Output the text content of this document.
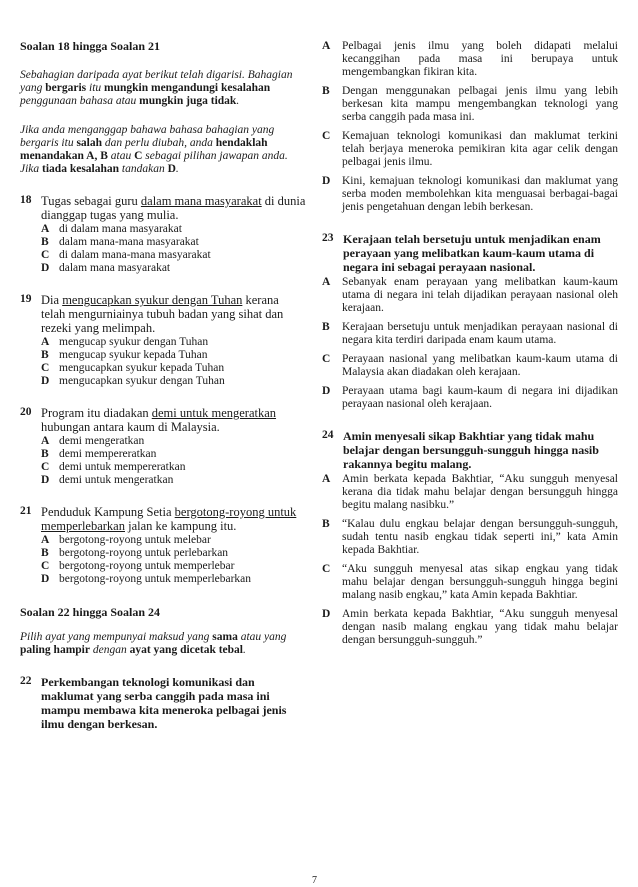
Soalan 18 hingga Soalan 21

Sebahagian daripada ayat berikut telah digarisi. Bahagian yang bergaris itu mungkin mengandungi kesalahan penggunaan bahasa atau mungkin juga tidak.

Jika anda menganggap bahawa bahasa bahagian yang bergaris itu salah dan perlu diubah, anda hendaklah menandakan A, B atau C sebagai pilihan jawapan anda. Jika tiada kesalahan tandakan D.

18 Tugas sebagai guru dalam mana masyarakat di dunia dianggap tugas yang mulia.

A di dalam mana masyarakat
B dalam mana-mana masyarakat
C di dalam mana-mana masyarakat
D dalam mana masyarakat
19 Dia mengucapkan syukur dengan Tuhan kerana telah mengurniainya tubuh badan yang sihat dan rezeki yang melimpah.

A mengucap syukur dengan Tuhan
B mengucap syukur kepada Tuhan
C mengucapkan syukur kepada Tuhan
D mengucapkan syukur dengan Tuhan
20 Program itu diadakan demi untuk mengeratkan hubungan antara kaum di Malaysia.

A demi mengeratkan
B demi mempereratkan
C demi untuk mempereratkan
D demi untuk mengeratkan
21 Penduduk Kampung Setia bergotong-royong untuk memperlebarkan jalan ke kampung itu.

A bergotong-royong untuk melebar
B bergotong-royong untuk perlebarkan
C bergotong-royong untuk memperlebar
D bergotong-royong untuk memperlebarkan

Soalan 22 hingga Soalan 24

Pilih ayat yang mempunyai maksud yang sama atau yang paling hampir dengan ayat yang dicetak tebal.

22 Perkembangan teknologi komunikasi dan maklumat yang serba canggih pada masa ini mampu membawa kita meneroka pelbagai jenis ilmu dengan berkesan.

A	Pelbagai jenis ilmu yang boleh didapati melalui kecanggihan pada masa ini berupaya untuk mengembangkan fikiran kita.
B	Dengan menggunakan pelbagai jenis ilmu yang lebih berkesan kita mampu mengembangkan teknologi yang serba canggih pada masa ini.
C	Kemajuan teknologi komunikasi dan maklumat terkini telah berjaya meneroka pemikiran kita agar celik dengan pelbagai jenis ilmu.
D	Kini, kemajuan teknologi komunikasi dan maklumat yang serba moden membolehkan kita menguasai berbagai-bagai jenis pengetahuan dengan lebih berkesan.
23 Kerajaan telah bersetuju untuk menjadikan enam perayaan yang melibatkan kaum-kaum utama di negara ini sebagai perayaan nasional.

A	Sebanyak enam perayaan yang melibatkan kaum-kaum utama di negara ini telah dijadikan perayaan nasional oleh kerajaan.
B	Kerajaan bersetuju untuk menjadikan perayaan nasional di negara kita terdiri daripada enam kaum utama.
C	Perayaan nasional yang melibatkan kaum-kaum utama di Malaysia akan diadakan oleh kerajaan.
D	Perayaan utama bagi kaum-kaum di negara ini dijadikan perayaan nasional oleh kerajaan.
24 Amin menyesali sikap Bakhtiar yang tidak mahu belajar dengan bersungguh-sungguh hingga nasib rakannya begitu malang.

A	Amin berkata kepada Bakhtiar, “Aku sungguh menyesal kerana dia tidak mahu belajar dengan bersungguh hingga begitu malang nasibku.”
B	“Kalau dulu engkau belajar dengan bersungguh-sungguh, sudah tentu nasib engkau tidak seperti ini,” kata Amin kepada Bakhtiar.
C	“Aku sungguh menyesal atas sikap engkau yang tidak mahu belajar dengan bersungguh-sungguh hingga begini malang nasib engkau,” kata Amin kepada Bakhtiar.
D	Amin berkata kepada Bakhtiar, “Aku sungguh menyesal dengan nasib malang engkau yang tidak mahu belajar dengan bersungguh-sungguh.”
7
